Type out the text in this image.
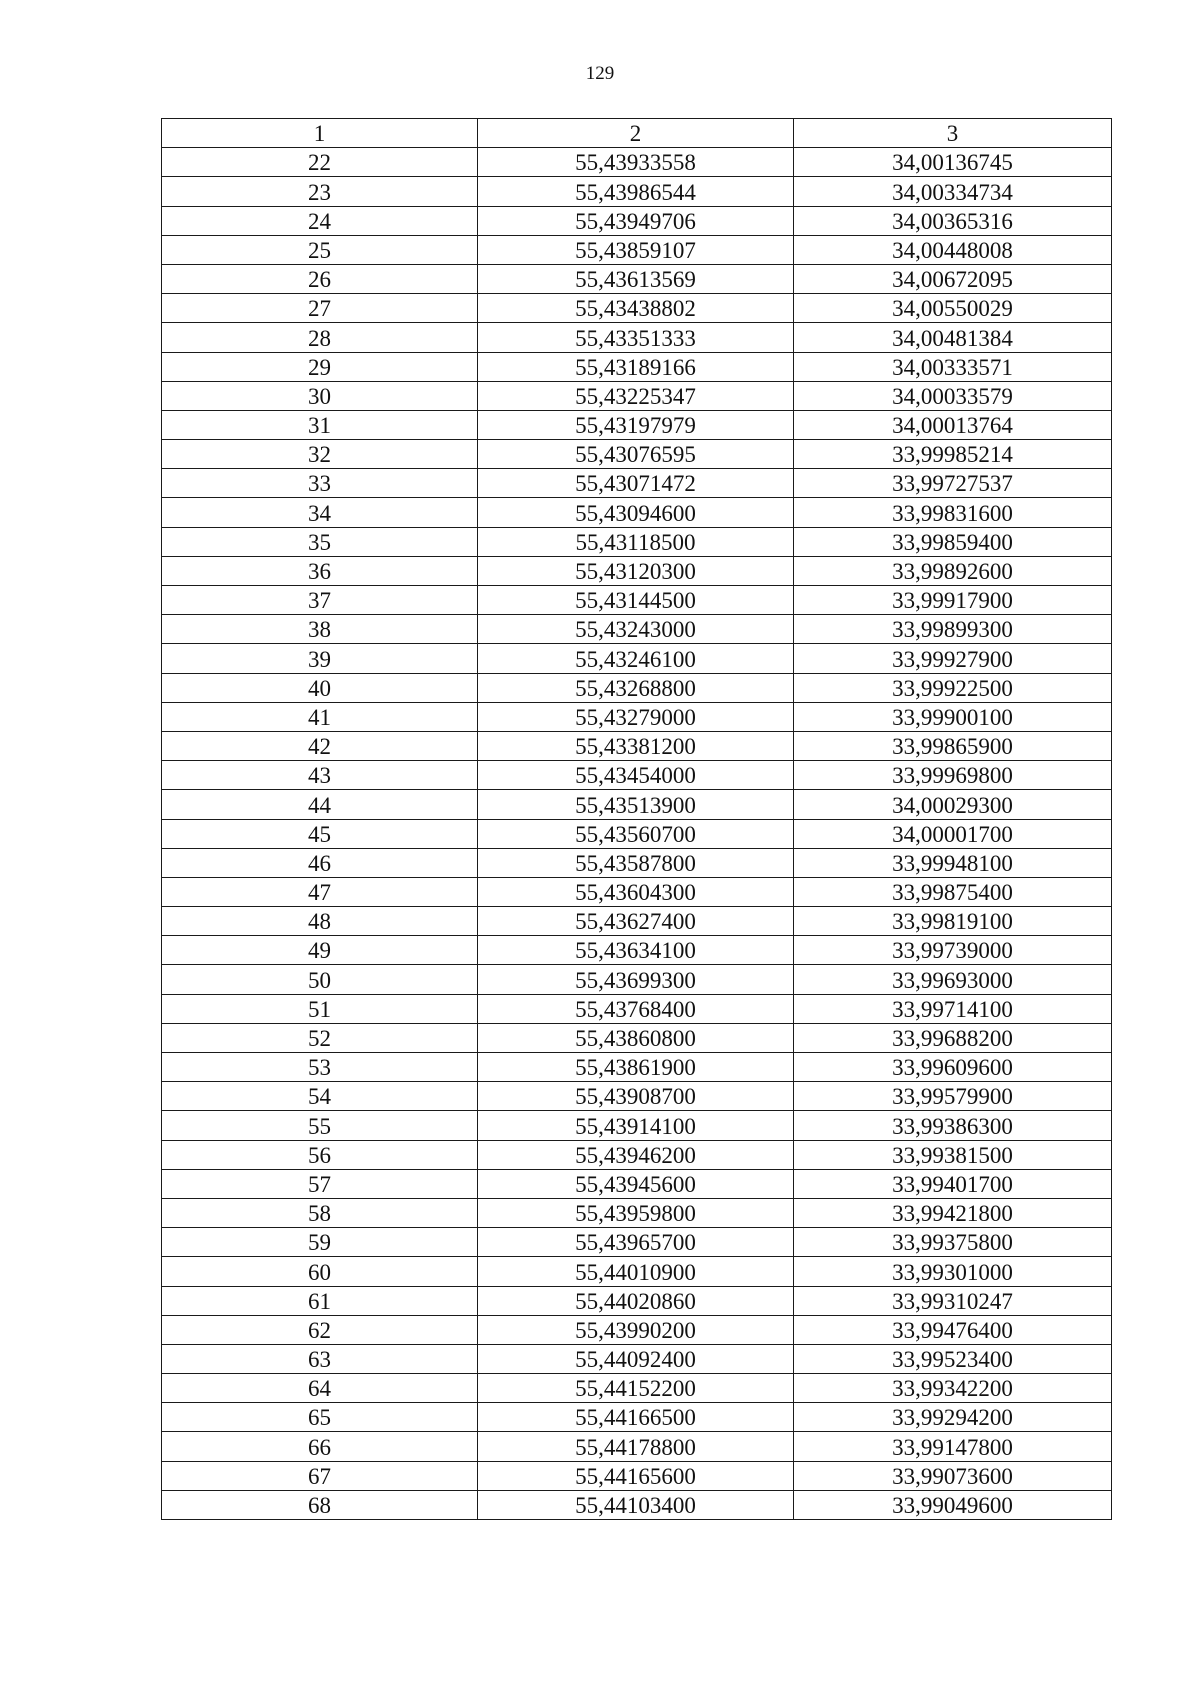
129
1	2	3
22	55,43933558	34,00136745
23	55,43986544	34,00334734
24	55,43949706	34,00365316
25	55,43859107	34,00448008
26	55,43613569	34,00672095
27	55,43438802	34,00550029
28	55,43351333	34,00481384
29	55,43189166	34,00333571
30	55,43225347	34,00033579
31	55,43197979	34,00013764
32	55,43076595	33,99985214
33	55,43071472	33,99727537
34	55,43094600	33,99831600
35	55,43118500	33,99859400
36	55,43120300	33,99892600
37	55,43144500	33,99917900
38	55,43243000	33,99899300
39	55,43246100	33,99927900
40	55,43268800	33,99922500
41	55,43279000	33,99900100
42	55,43381200	33,99865900
43	55,43454000	33,99969800
44	55,43513900	34,00029300
45	55,43560700	34,00001700
46	55,43587800	33,99948100
47	55,43604300	33,99875400
48	55,43627400	33,99819100
49	55,43634100	33,99739000
50	55,43699300	33,99693000
51	55,43768400	33,99714100
52	55,43860800	33,99688200
53	55,43861900	33,99609600
54	55,43908700	33,99579900
55	55,43914100	33,99386300
56	55,43946200	33,99381500
57	55,43945600	33,99401700
58	55,43959800	33,99421800
59	55,43965700	33,99375800
60	55,44010900	33,99301000
61	55,44020860	33,99310247
62	55,43990200	33,99476400
63	55,44092400	33,99523400
64	55,44152200	33,99342200
65	55,44166500	33,99294200
66	55,44178800	33,99147800
67	55,44165600	33,99073600
68	55,44103400	33,99049600
